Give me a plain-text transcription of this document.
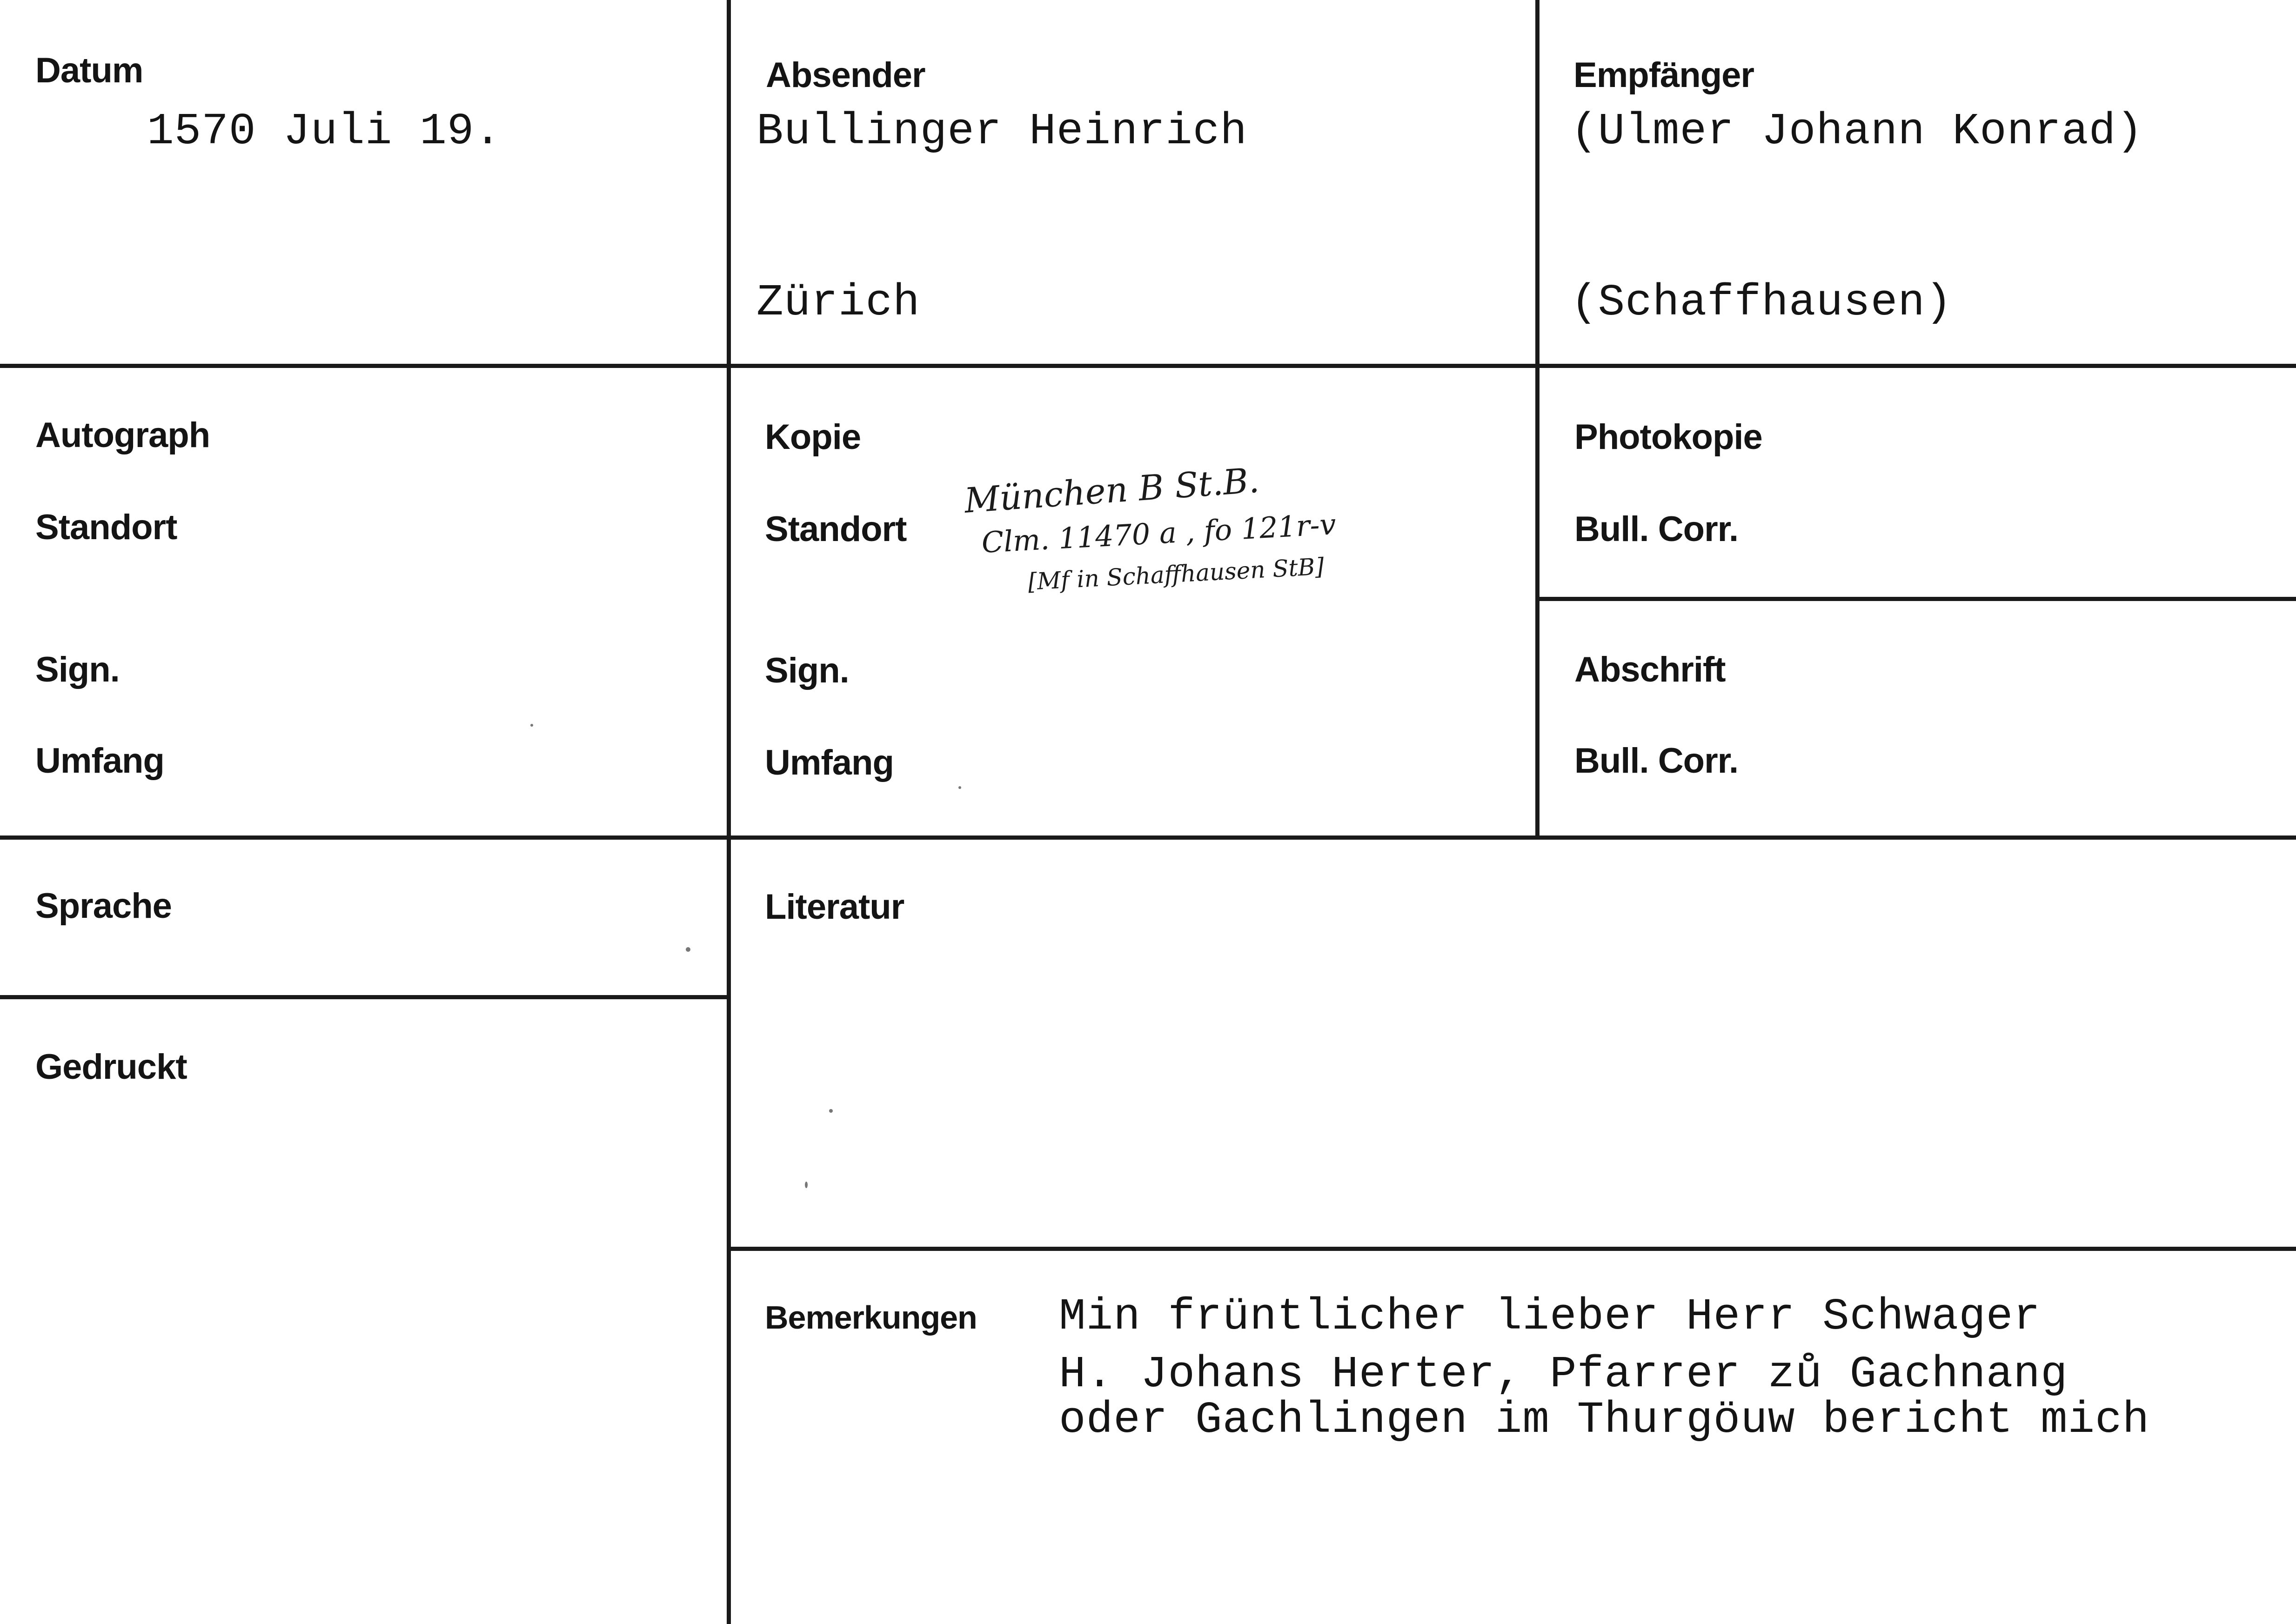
Datum
1570 Juli 19.
Absender
Bullinger Heinrich
Zürich
Empfänger
(Ulmer Johann Konrad)
(Schaffhausen)
Autograph
Standort
Sign.
Umfang
Kopie
Standort
Sign.
Umfang
München B St.B.
Clm. 11470 a , fo 121r-v
[Mf in Schaffhausen StB]
Photokopie
Bull. Corr.
Abschrift
Bull. Corr.
Sprache
Gedruckt
Literatur
Bemerkungen Min früntlicher lieber Herr Schwager
H. Johans Herter, Pfarrer zů Gachnang
oder Gachlingen im Thurgöuw bericht mich
